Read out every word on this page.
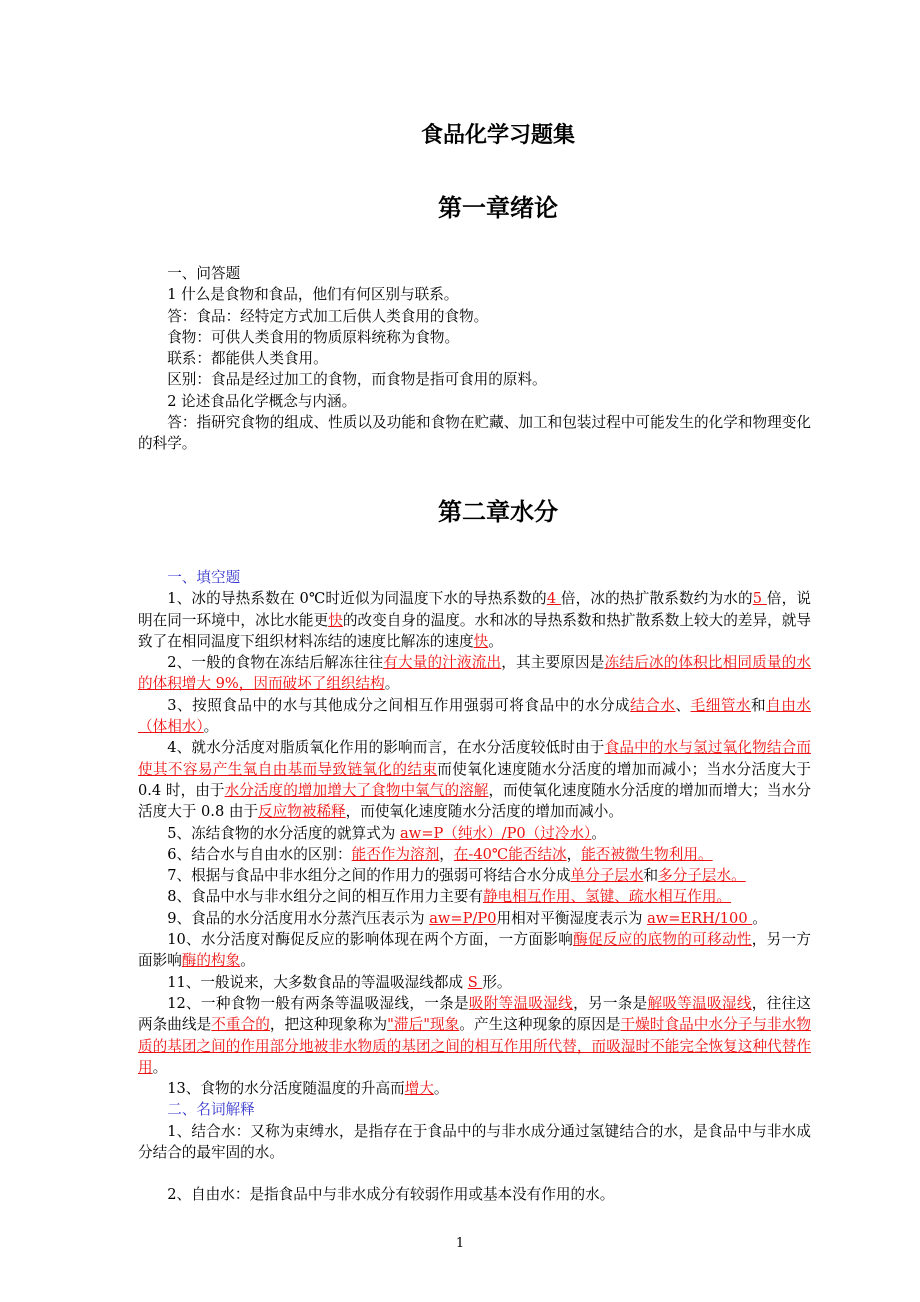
食品化学习题集
第一章绪论

一、问答题

1 什么是食物和食品，他们有何区别与联系。

答：食品：经特定方式加工后供人类食用的食物。

食物：可供人类食用的物质原料统称为食物。

联系：都能供人类食用。

区别：食品是经过加工的食物，而食物是指可食用的原料。

2 论述食品化学概念与内涵。

答：指研究食物的组成、性质以及功能和食物在贮藏、加工和包装过程中可能发生的化学和物理变化的科学。

第二章水分

一、填空题

1、冰的导热系数在 0℃时近似为同温度下水的导热系数的4 倍，冰的热扩散系数约为水的5 倍，说明在同一环境中，冰比水能更快的改变自身的温度。水和冰的导热系数和热扩散系数上较大的差异，就导致了在相同温度下组织材料冻结的速度比解冻的速度快。

2、一般的食物在冻结后解冻往往有大量的汁液流出，其主要原因是冻结后冰的体积比相同质量的水的体积增大 9%，因而破坏了组织结构。

3、按照食品中的水与其他成分之间相互作用强弱可将食品中的水分成结合水、毛细管水和自由水（体相水）。

4、就水分活度对脂质氧化作用的影响而言，在水分活度较低时由于食品中的水与氢过氧化物结合而使其不容易产生氧自由基而导致链氧化的结束而使氧化速度随水分活度的增加而减小；当水分活度大于 0.4 时，由于水分活度的增加增大了食物中氧气的溶解，而使氧化速度随水分活度的增加而增大；当水分活度大于 0.8 由于反应物被稀释，而使氧化速度随水分活度的增加而减小。

5、冻结食物的水分活度的就算式为 aw=P（纯水）/P0（过冷水）。

6、结合水与自由水的区别：能否作为溶剂，在-40℃能否结冰，能否被微生物利用。

7、根据与食品中非水组分之间的作用力的强弱可将结合水分成单分子层水和多分子层水。

8、食品中水与非水组分之间的相互作用力主要有静电相互作用、氢键、疏水相互作用。

9、食品的水分活度用水分蒸汽压表示为 aw=P/P0用相对平衡湿度表示为 aw=ERH/100 。

10、水分活度对酶促反应的影响体现在两个方面，一方面影响酶促反应的底物的可移动性，另一方面影响酶的构象。

11、一般说来，大多数食品的等温吸湿线都成 S 形。

12、一种食物一般有两条等温吸湿线，一条是吸附等温吸湿线，另一条是解吸等温吸湿线，往往这两条曲线是不重合的，把这种现象称为"滞后"现象。产生这种现象的原因是干燥时食品中水分子与非水物质的基团之间的作用部分地被非水物质的基团之间的相互作用所代替，而吸湿时不能完全恢复这种代替作用。

13、食物的水分活度随温度的升高而增大。

二、名词解释

1、结合水：又称为束缚水，是指存在于食品中的与非水成分通过氢键结合的水，是食品中与非水成分结合的最牢固的水。

2、自由水：是指食品中与非水成分有较弱作用或基本没有作用的水。

1
